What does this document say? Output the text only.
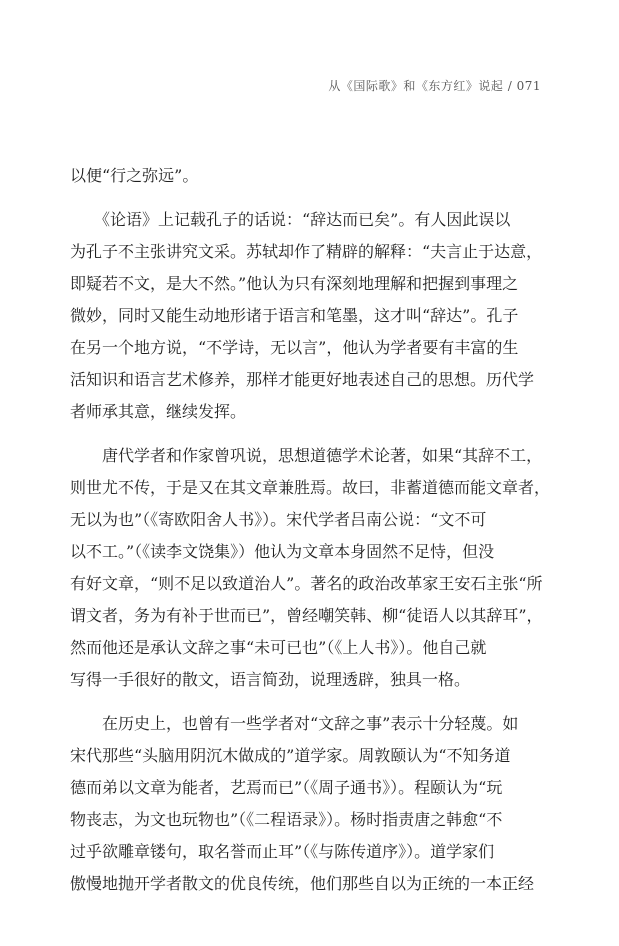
从《国际歌》和《东方红》说起 / 071
以便“行之弥远”。
　　《论语》上记载孔子的话说：“辞达而已矣”。有人因此误以
为孔子不主张讲究文采。苏轼却作了精辟的解释：“夫言止于达意，
即疑若不文，是大不然。”他认为只有深刻地理解和把握到事理之
微妙，同时又能生动地形诸于语言和笔墨，这才叫“辞达”。孔子
在另一个地方说，“不学诗，无以言”，他认为学者要有丰富的生
活知识和语言艺术修养，那样才能更好地表述自己的思想。历代学
者师承其意，继续发挥。
　　唐代学者和作家曾巩说，思想道德学术论著，如果“其辞不工，
则世尤不传，于是又在其文章兼胜焉。故曰，非蓄道德而能文章者，
无以为也”（《寄欧阳舍人书》）。宋代学者吕南公说：“文不可
以不工。”（《读李文饶集》）他认为文章本身固然不足恃，但没
有好文章，“则不足以致道治人”。著名的政治改革家王安石主张“所
谓文者，务为有补于世而已”，曾经嘲笑韩、柳“徒语人以其辞耳”，
然而他还是承认文辞之事“未可已也”（《上人书》）。他自己就
写得一手很好的散文，语言简劲，说理透辟，独具一格。
　　在历史上，也曾有一些学者对“文辞之事”表示十分轻蔑。如
宋代那些“头脑用阴沉木做成的”道学家。周敦颐认为“不知务道
德而弟以文章为能者，艺焉而已”（《周子通书》）。程颐认为“玩
物丧志，为文也玩物也”（《二程语录》）。杨时指责唐之韩愈“不
过乎欲雕章镂句，取名誉而止耳”（《与陈传道序》）。道学家们
傲慢地抛开学者散文的优良传统，他们那些自以为正统的一本正经
